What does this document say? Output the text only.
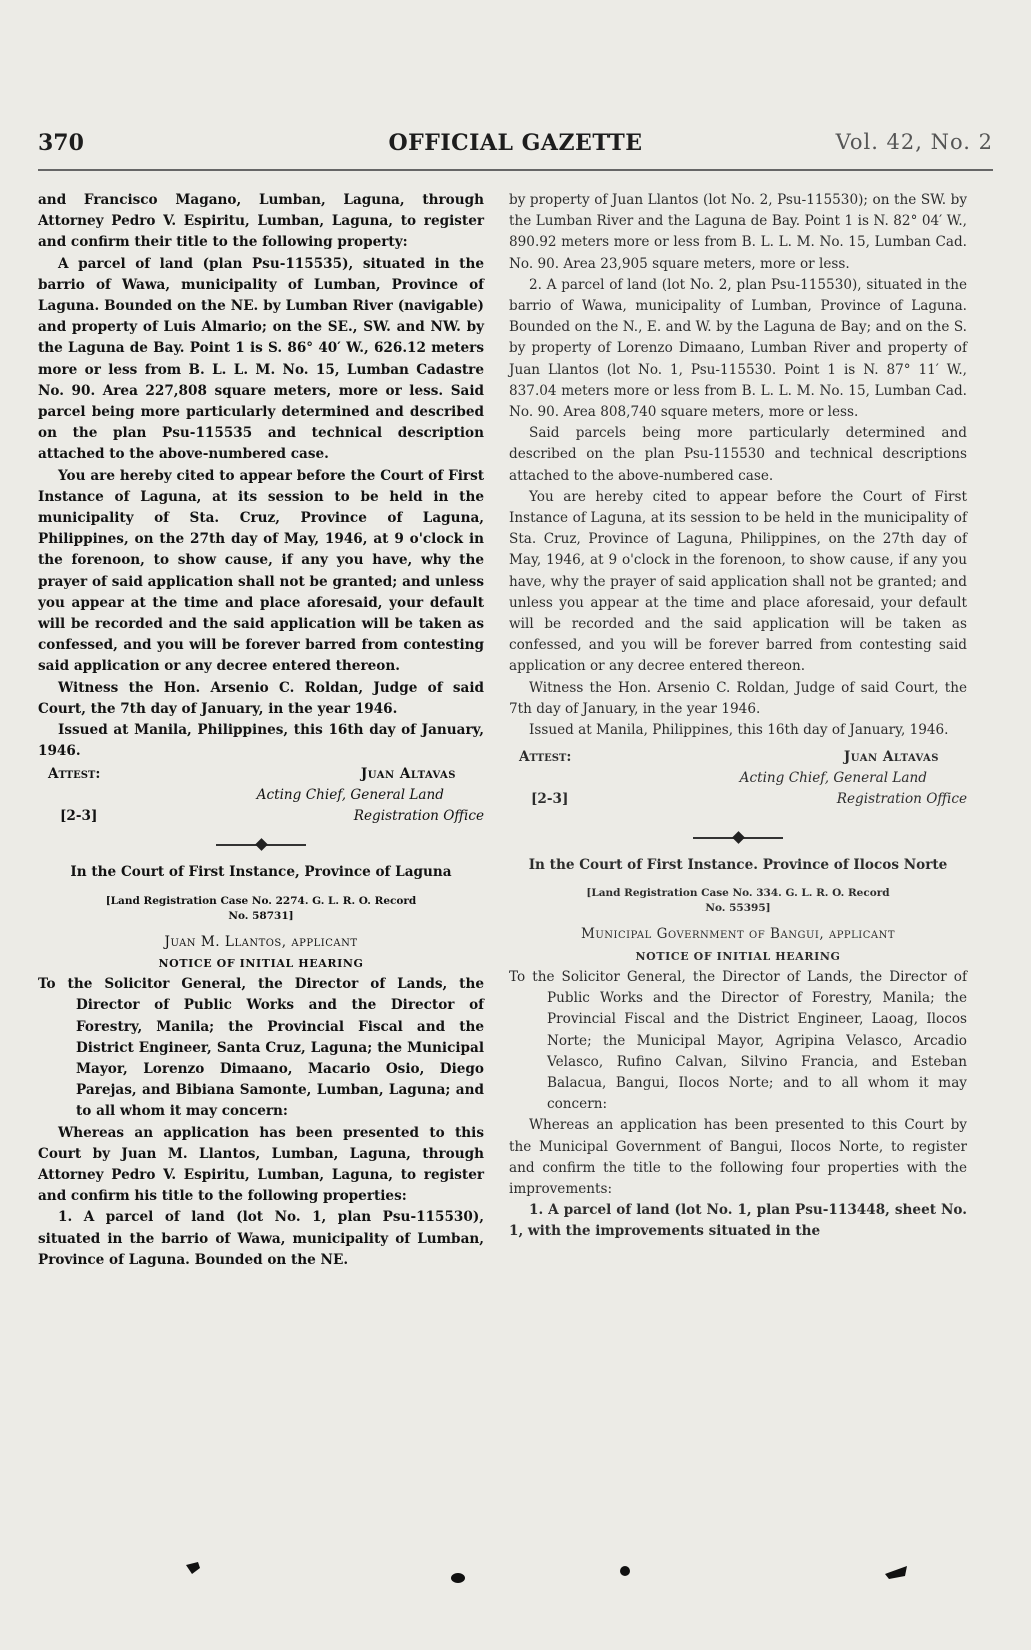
370	OFFICIAL GAZETTE	Vol. 42, No. 2

and Francisco Magano, Lumban, Laguna, through Attorney Pedro V. Espiritu, Lumban, Laguna, to register and confirm their title to the following property:

A parcel of land (plan Psu-115535), situated in the barrio of Wawa, municipality of Lumban, Province of Laguna. Bounded on the NE. by Lumban River (navigable) and property of Luis Almario; on the SE., SW. and NW. by the Laguna de Bay. Point 1 is S. 86° 40′ W., 626.12 meters more or less from B. L. L. M. No. 15, Lumban Cadastre No. 90. Area 227,808 square meters, more or less. Said parcel being more particularly determined and described on the plan Psu-115535 and technical description attached to the above-numbered case.

You are hereby cited to appear before the Court of First Instance of Laguna, at its session to be held in the municipality of Sta. Cruz, Province of Laguna, Philippines, on the 27th day of May, 1946, at 9 o'clock in the forenoon, to show cause, if any you have, why the prayer of said application shall not be granted; and unless you appear at the time and place aforesaid, your default will be recorded and the said application will be taken as confessed, and you will be forever barred from contesting said application or any decree entered thereon.

Witness the Hon. Arsenio C. Roldan, Judge of said Court, the 7th day of January, in the year 1946.

Issued at Manila, Philippines, this 16th day of January, 1946.

Attest:	Juan Altavas
Acting Chief, General Land
[2-3]	Registration Office

In the Court of First Instance, Province of Laguna

[Land Registration Case No. 2274. G. L. R. O. Record

No. 58731]

Juan M. Llantos, applicant

NOTICE OF INITIAL HEARING

To the Solicitor General, the Director of Lands, the Director of Public Works and the Director of Forestry, Manila; the Provincial Fiscal and the District Engineer, Santa Cruz, Laguna; the Municipal Mayor, Lorenzo Dimaano, Macario Osio, Diego Parejas, and Bibiana Samonte, Lumban, Laguna; and to all whom it may concern:

Whereas an application has been presented to this Court by Juan M. Llantos, Lumban, Laguna, through Attorney Pedro V. Espiritu, Lumban, Laguna, to register and confirm his title to the following properties:

1. A parcel of land (lot No. 1, plan Psu-115530), situated in the barrio of Wawa, municipality of Lumban, Province of Laguna. Bounded on the NE.

by property of Juan Llantos (lot No. 2, Psu-115530); on the SW. by the Lumban River and the Laguna de Bay. Point 1 is N. 82° 04′ W., 890.92 meters more or less from B. L. L. M. No. 15, Lumban Cad. No. 90. Area 23,905 square meters, more or less.

2. A parcel of land (lot No. 2, plan Psu-115530), situated in the barrio of Wawa, municipality of Lumban, Province of Laguna. Bounded on the N., E. and W. by the Laguna de Bay; and on the S. by property of Lorenzo Dimaano, Lumban River and property of Juan Llantos (lot No. 1, Psu-115530. Point 1 is N. 87° 11′ W., 837.04 meters more or less from B. L. L. M. No. 15, Lumban Cad. No. 90. Area 808,740 square meters, more or less.

Said parcels being more particularly determined and described on the plan Psu-115530 and technical descriptions attached to the above-numbered case.

You are hereby cited to appear before the Court of First Instance of Laguna, at its session to be held in the municipality of Sta. Cruz, Province of Laguna, Philippines, on the 27th day of May, 1946, at 9 o'clock in the forenoon, to show cause, if any you have, why the prayer of said application shall not be granted; and unless you appear at the time and place aforesaid, your default will be recorded and the said application will be taken as confessed, and you will be forever barred from contesting said application or any decree entered thereon.

Witness the Hon. Arsenio C. Roldan, Judge of said Court, the 7th day of January, in the year 1946.

Issued at Manila, Philippines, this 16th day of January, 1946.

Attest:	Juan Altavas
Acting Chief, General Land
[2-3]	Registration Office

In the Court of First Instance. Province of Ilocos Norte

[Land Registration Case No. 334. G. L. R. O. Record

No. 55395]

Municipal Government of Bangui, applicant

NOTICE OF INITIAL HEARING

To the Solicitor General, the Director of Lands, the Director of Public Works and the Director of Forestry, Manila; the Provincial Fiscal and the District Engineer, Laoag, Ilocos Norte; the Municipal Mayor, Agripina Velasco, Arcadio Velasco, Rufino Calvan, Silvino Francia, and Esteban Balacua, Bangui, Ilocos Norte; and to all whom it may concern:

Whereas an application has been presented to this Court by the Municipal Government of Bangui, Ilocos Norte, to register and confirm the title to the following four properties with the improvements:

1. A parcel of land (lot No. 1, plan Psu-113448, sheet No. 1, with the improvements situated in the
